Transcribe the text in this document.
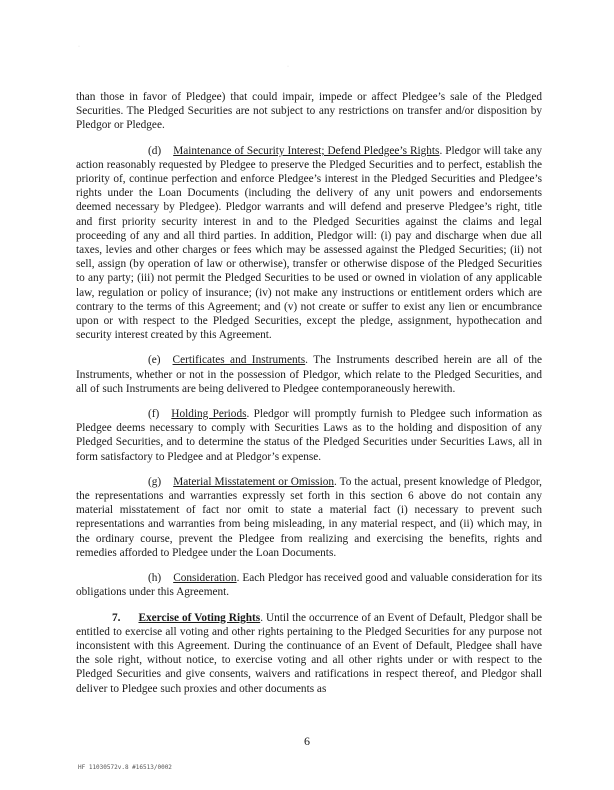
·
·

than those in favor of Pledgee) that could impair, impede or affect Pledgee’s sale of the Pledged Securities. The Pledged Securities are not subject to any restrictions on transfer and/or disposition by Pledgor or Pledgee.

(d) Maintenance of Security Interest; Defend Pledgee’s Rights. Pledgor will take any action reasonably requested by Pledgee to preserve the Pledged Securities and to perfect, establish the priority of, continue perfection and enforce Pledgee’s interest in the Pledged Securities and Pledgee’s rights under the Loan Documents (including the delivery of any unit powers and endorsements deemed necessary by Pledgee). Pledgor warrants and will defend and preserve Pledgee’s right, title and first priority security interest in and to the Pledged Securities against the claims and legal proceeding of any and all third parties. In addition, Pledgor will: (i) pay and discharge when due all taxes, levies and other charges or fees which may be assessed against the Pledged Securities; (ii) not sell, assign (by operation of law or otherwise), transfer or otherwise dispose of the Pledged Securities to any party; (iii) not permit the Pledged Securities to be used or owned in violation of any applicable law, regulation or policy of insurance; (iv) not make any instructions or entitlement orders which are contrary to the terms of this Agreement; and (v) not create or suffer to exist any lien or encumbrance upon or with respect to the Pledged Securities, except the pledge, assignment, hypothecation and security interest created by this Agreement.

(e) Certificates and Instruments. The Instruments described herein are all of the Instruments, whether or not in the possession of Pledgor, which relate to the Pledged Securities, and all of such Instruments are being delivered to Pledgee contemporaneously herewith.

(f) Holding Periods. Pledgor will promptly furnish to Pledgee such information as Pledgee deems necessary to comply with Securities Laws as to the holding and disposition of any Pledged Securities, and to determine the status of the Pledged Securities under Securities Laws, all in form satisfactory to Pledgee and at Pledgor’s expense.

(g) Material Misstatement or Omission. To the actual, present knowledge of Pledgor, the representations and warranties expressly set forth in this section 6 above do not contain any material misstatement of fact nor omit to state a material fact (i) necessary to prevent such representations and warranties from being misleading, in any material respect, and (ii) which may, in the ordinary course, prevent the Pledgee from realizing and exercising the benefits, rights and remedies afforded to Pledgee under the Loan Documents.

(h) Consideration. Each Pledgor has received good and valuable consideration for its obligations under this Agreement.

7. Exercise of Voting Rights. Until the occurrence of an Event of Default, Pledgor shall be entitled to exercise all voting and other rights pertaining to the Pledged Securities for any purpose not inconsistent with this Agreement. During the continuance of an Event of Default, Pledgee shall have the sole right, without notice, to exercise voting and all other rights under or with respect to the Pledged Securities and give consents, waivers and ratifications in respect thereof, and Pledgor shall deliver to Pledgee such proxies and other documents as

6
HF 11030572v.8 #16513/0002
